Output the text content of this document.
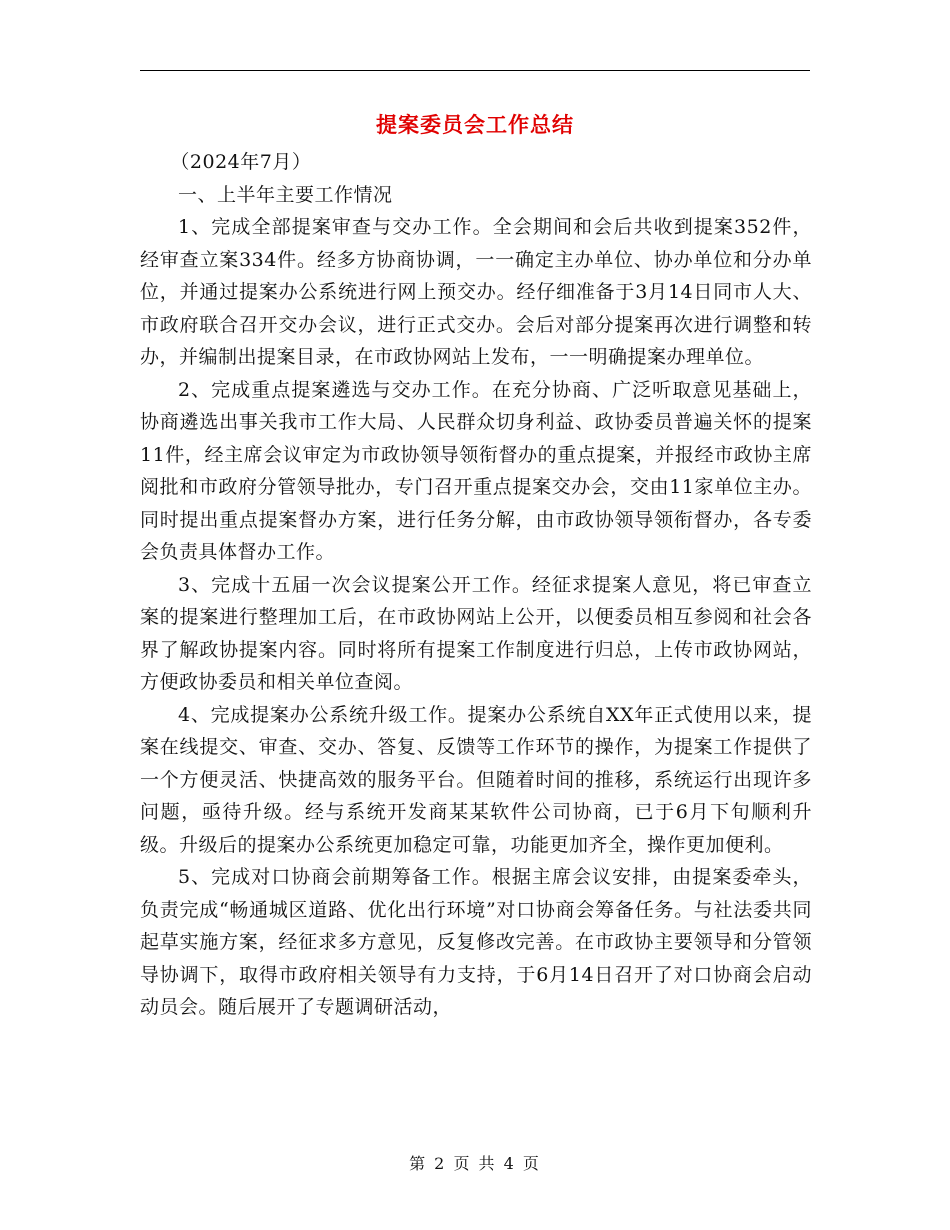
提案委员会工作总结

（2024年7月）

一、上半年主要工作情况

1、完成全部提案审查与交办工作。全会期间和会后共收到提案352件，经审查立案334件。经多方协商协调，一一确定主办单位、协办单位和分办单位，并通过提案办公系统进行网上预交办。经仔细准备于3月14日同市人大、市政府联合召开交办会议，进行正式交办。会后对部分提案再次进行调整和转办，并编制出提案目录，在市政协网站上发布，一一明确提案办理单位。

2、完成重点提案遴选与交办工作。在充分协商、广泛听取意见基础上，协商遴选出事关我市工作大局、人民群众切身利益、政协委员普遍关怀的提案11件，经主席会议审定为市政协领导领衔督办的重点提案，并报经市政协主席阅批和市政府分管领导批办，专门召开重点提案交办会，交由11家单位主办。同时提出重点提案督办方案，进行任务分解，由市政协领导领衔督办，各专委会负责具体督办工作。

3、完成十五届一次会议提案公开工作。经征求提案人意见，将已审查立案的提案进行整理加工后，在市政协网站上公开，以便委员相互参阅和社会各界了解政协提案内容。同时将所有提案工作制度进行归总，上传市政协网站，方便政协委员和相关单位查阅。

4、完成提案办公系统升级工作。提案办公系统自XX年正式使用以来，提案在线提交、审查、交办、答复、反馈等工作环节的操作，为提案工作提供了一个方便灵活、快捷高效的服务平台。但随着时间的推移，系统运行出现许多问题，亟待升级。经与系统开发商某某软件公司协商，已于6月下旬顺利升级。升级后的提案办公系统更加稳定可靠，功能更加齐全，操作更加便利。

5、完成对口协商会前期筹备工作。根据主席会议安排，由提案委牵头，负责完成“畅通城区道路、优化出行环境”对口协商会筹备任务。与社法委共同起草实施方案，经征求多方意见，反复修改完善。在市政协主要领导和分管领导协调下，取得市政府相关领导有力支持，于6月14日召开了对口协商会启动动员会。随后展开了专题调研活动，

第 2 页 共 4 页
